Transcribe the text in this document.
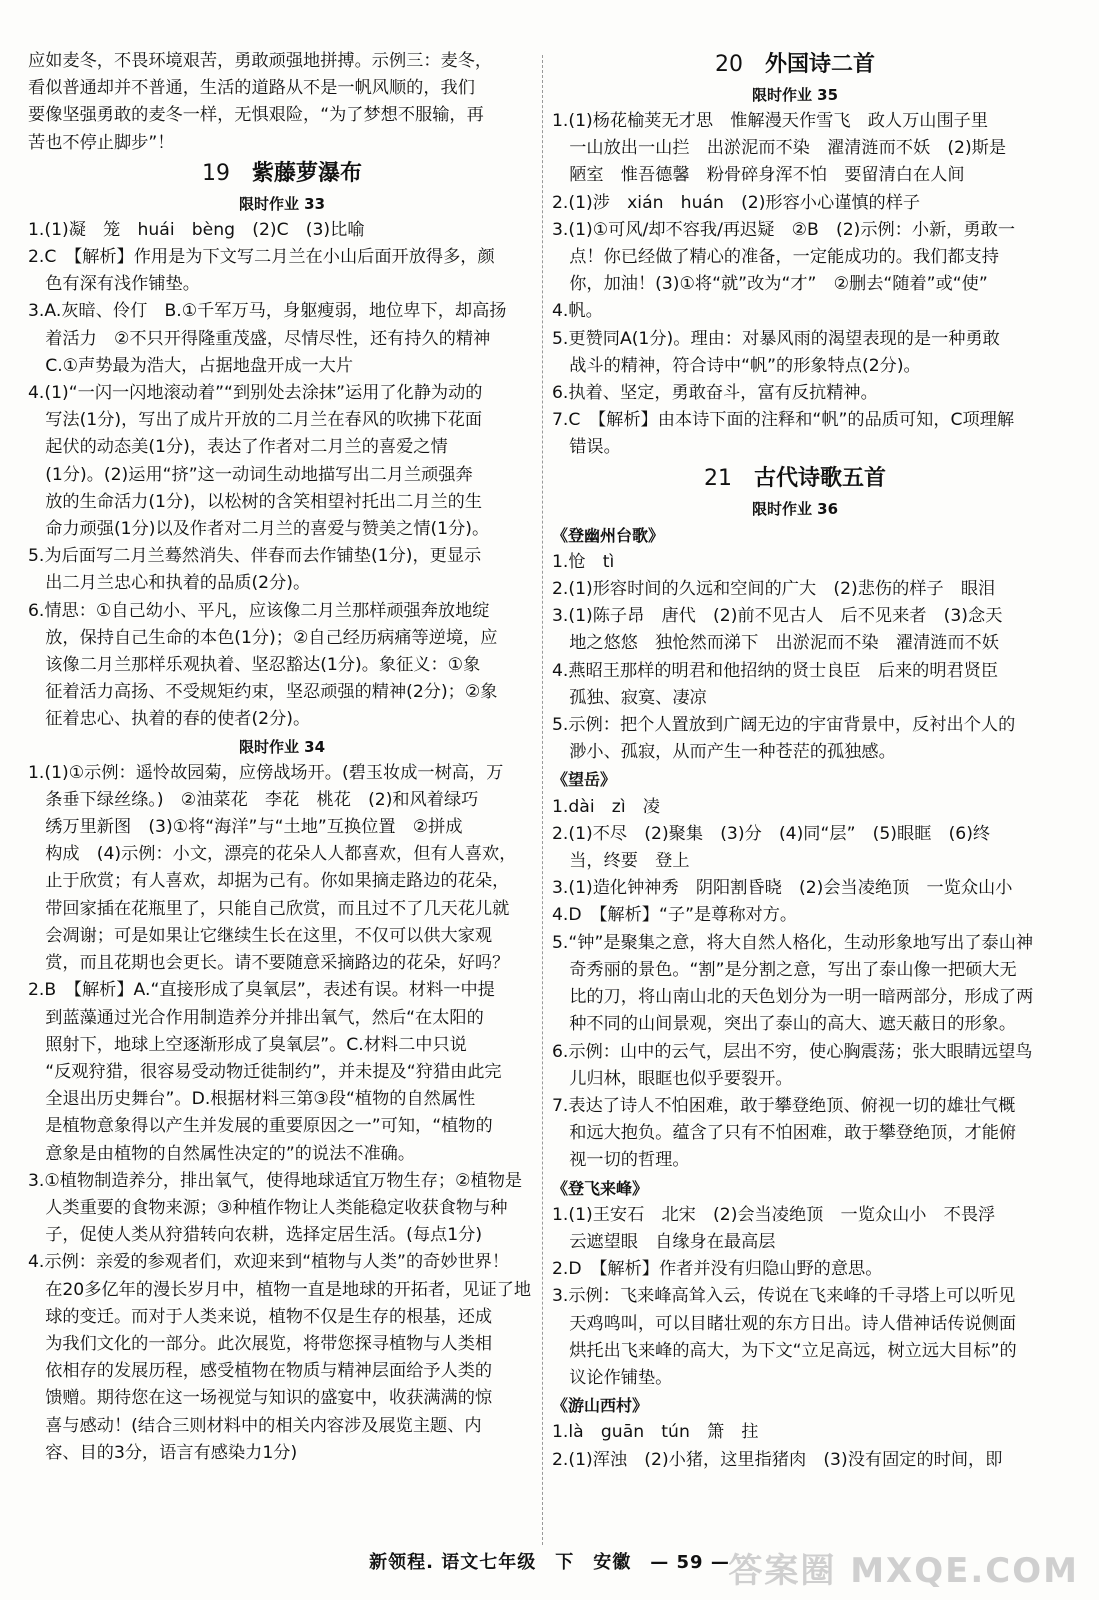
应如麦冬，不畏环境艰苦，勇敢顽强地拼搏。示例三：麦冬，
看似普通却并不普通，生活的道路从不是一帆风顺的，我们
要像坚强勇敢的麦冬一样，无惧艰险，“为了梦想不服输，再
苦也不停止脚步”！
19 紫藤萝瀑布
限时作业 33
1.(1)凝　笼　huái　bèng　(2)C　(3)比喻
2.C　【解析】作用是为下文写二月兰在小山后面开放得多，颜
　色有深有浅作铺垫。
3.A.灰暗、伶仃　B.①千军万马，身躯瘦弱，地位卑下，却高扬
　着活力　②不只开得隆重茂盛，尽情尽性，还有持久的精神
　C.①声势最为浩大，占据地盘开成一大片
4.(1)“一闪一闪地滚动着”“到别处去涂抹”运用了化静为动的
　写法(1分)，写出了成片开放的二月兰在春风的吹拂下花面
　起伏的动态美(1分)，表达了作者对二月兰的喜爱之情
　(1分)。(2)运用“挤”这一动词生动地描写出二月兰顽强奔
　放的生命活力(1分)，以松树的含笑相望衬托出二月兰的生
　命力顽强(1分)以及作者对二月兰的喜爱与赞美之情(1分)。
5.为后面写二月兰蓦然消失、伴春而去作铺垫(1分)，更显示
　出二月兰忠心和执着的品质(2分)。
6.情思：①自己幼小、平凡，应该像二月兰那样顽强奔放地绽
　放，保持自己生命的本色(1分)；②自己经历病痛等逆境，应
　该像二月兰那样乐观执着、坚忍豁达(1分)。象征义：①象
　征着活力高扬、不受规矩约束，坚忍顽强的精神(2分)；②象
　征着忠心、执着的春的使者(2分)。
限时作业 34
1.(1)①示例：遥怜故园菊，应傍战场开。(碧玉妆成一树高，万
　条垂下绿丝绦。)　②油菜花　李花　桃花　(2)和风着绿巧
　绣万里新图　(3)①将“海洋”与“土地”互换位置　②拼成
　构成　(4)示例：小文，漂亮的花朵人人都喜欢，但有人喜欢，
　止于欣赏；有人喜欢，却据为己有。你如果摘走路边的花朵，
　带回家插在花瓶里了，只能自己欣赏，而且过不了几天花儿就
　会凋谢；可是如果让它继续生长在这里，不仅可以供大家观
　赏，而且花期也会更长。请不要随意采摘路边的花朵，好吗？
2.B　【解析】A.“直接形成了臭氧层”，表述有误。材料一中提
　到蓝藻通过光合作用制造养分并排出氧气，然后“在太阳的
　照射下，地球上空逐渐形成了臭氧层”。C.材料二中只说
　“反观狩猎，很容易受动物迁徙制约”，并未提及“狩猎由此完
　全退出历史舞台”。D.根据材料三第③段“植物的自然属性
　是植物意象得以产生并发展的重要原因之一”可知，“植物的
　意象是由植物的自然属性决定的”的说法不准确。
3.①植物制造养分，排出氧气，使得地球适宜万物生存；②植物是
　人类重要的食物来源；③种植作物让人类能稳定收获食物与种
　子，促使人类从狩猎转向农耕，选择定居生活。(每点1分)
4.示例：亲爱的参观者们，欢迎来到“植物与人类”的奇妙世界！
　在20多亿年的漫长岁月中，植物一直是地球的开拓者，见证了地
　球的变迁。而对于人类来说，植物不仅是生存的根基，还成
　为我们文化的一部分。此次展览，将带您探寻植物与人类相
　依相存的发展历程，感受植物在物质与精神层面给予人类的
　馈赠。期待您在这一场视觉与知识的盛宴中，收获满满的惊
　喜与感动！(结合三则材料中的相关内容涉及展览主题、内
　容、目的3分，语言有感染力1分)
20 外国诗二首
限时作业 35
1.(1)杨花榆荚无才思　惟解漫天作雪飞　政人万山围子里
　一山放出一山拦　出淤泥而不染　濯清涟而不妖　(2)斯是
　陋室　惟吾德馨　粉骨碎身浑不怕　要留清白在人间
2.(1)涉　xián　huán　(2)形容小心谨慎的样子
3.(1)①可风/却不容我/再迟疑　②B　(2)示例：小新，勇敢一
　点！你已经做了精心的准备，一定能成功的。我们都支持
　你，加油！(3)①将“就”改为“才”　②删去“随着”或“使”
4.帆。
5.更赞同A(1分)。理由：对暴风雨的渴望表现的是一种勇敢
　战斗的精神，符合诗中“帆”的形象特点(2分)。
6.执着、坚定，勇敢奋斗，富有反抗精神。
7.C　【解析】由本诗下面的注释和“帆”的品质可知，C项理解
　错误。
21 古代诗歌五首
限时作业 36
《登幽州台歌》
1.怆　tì
2.(1)形容时间的久远和空间的广大　(2)悲伤的样子　眼泪
3.(1)陈子昂　唐代　(2)前不见古人　后不见来者　(3)念天
　地之悠悠　独怆然而涕下　出淤泥而不染　濯清涟而不妖
4.燕昭王那样的明君和他招纳的贤士良臣　后来的明君贤臣
　孤独、寂寞、凄凉
5.示例：把个人置放到广阔无边的宇宙背景中，反衬出个人的
　渺小、孤寂，从而产生一种苍茫的孤独感。
《望岳》
1.dài　zì　凌
2.(1)不尽　(2)聚集　(3)分　(4)同“层”　(5)眼眶　(6)终
　当，终要　登上
3.(1)造化钟神秀　阴阳割昏晓　(2)会当凌绝顶　一览众山小
4.D　【解析】“子”是尊称对方。
5.“钟”是聚集之意，将大自然人格化，生动形象地写出了泰山神
　奇秀丽的景色。“割”是分割之意，写出了泰山像一把硕大无
　比的刀，将山南山北的天色划分为一明一暗两部分，形成了两
　种不同的山间景观，突出了泰山的高大、遮天蔽日的形象。
6.示例：山中的云气，层出不穷，使心胸震荡；张大眼睛远望鸟
　儿归林，眼眶也似乎要裂开。
7.表达了诗人不怕困难，敢于攀登绝顶、俯视一切的雄壮气概
　和远大抱负。蕴含了只有不怕困难，敢于攀登绝顶，才能俯
　视一切的哲理。
《登飞来峰》
1.(1)王安石　北宋　(2)会当凌绝顶　一览众山小　不畏浮
　云遮望眼　自缘身在最高层
2.D　【解析】作者并没有归隐山野的意思。
3.示例：飞来峰高耸入云，传说在飞来峰的千寻塔上可以听见
　天鸡鸣叫，可以目睹壮观的东方日出。诗人借神话传说侧面
　烘托出飞来峰的高大，为下文“立足高远，树立远大目标”的
　议论作铺垫。
《游山西村》
1.là　guān　tún　箫　拄
2.(1)浑浊　(2)小猪，这里指猪肉　(3)没有固定的时间，即
新领程. 语文七年级　下　安徽　— 59 —
答案圈 MXQE.COM
